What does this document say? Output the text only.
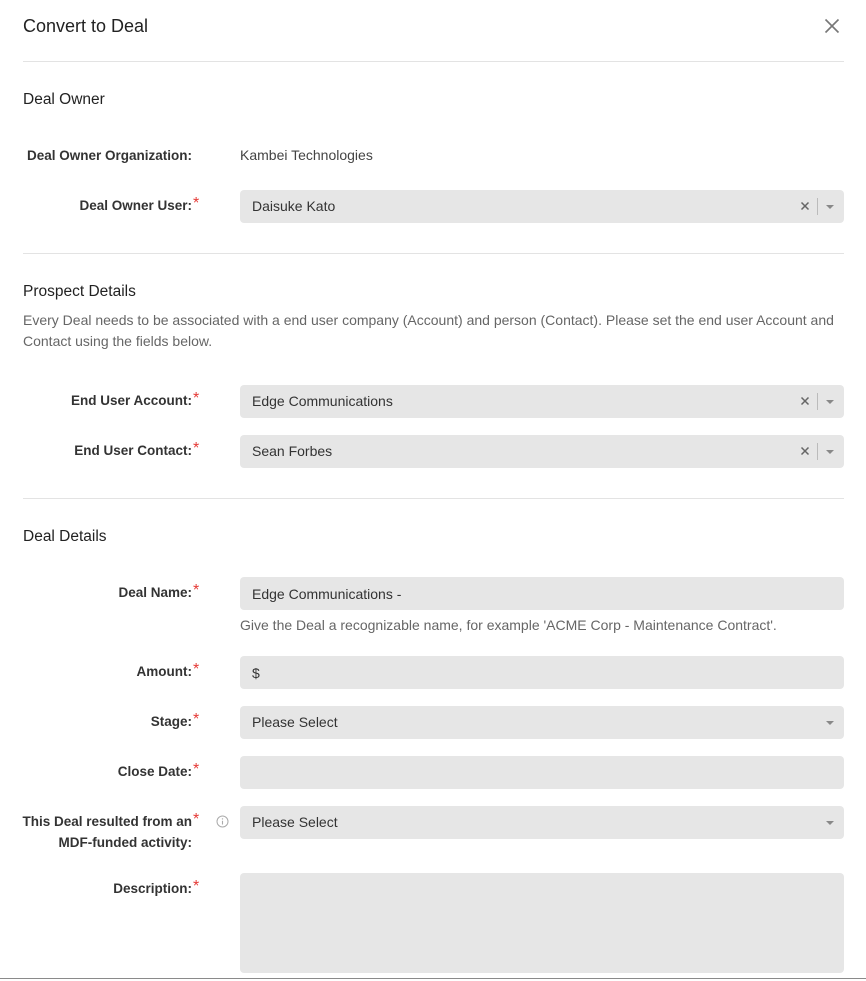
Convert to Deal
Deal Owner
Deal Owner Organization:	Kambei Technologies
Deal Owner User: *	Daisuke Kato
Prospect Details
Every Deal needs to be associated with a end user company (Account) and person (Contact). Please set the end user Account and Contact using the fields below.
End User Account: *	Edge Communications
End User Contact: *	Sean Forbes
Deal Details
Deal Name: *
Edge Communications -
Give the Deal a recognizable name, for example 'ACME Corp - Maintenance Contract'.
Amount: *
$
Stage: *	Please Select
Close Date: *
This Deal resulted from an
MDF-funded activity:
*	Please Select
Description: *
